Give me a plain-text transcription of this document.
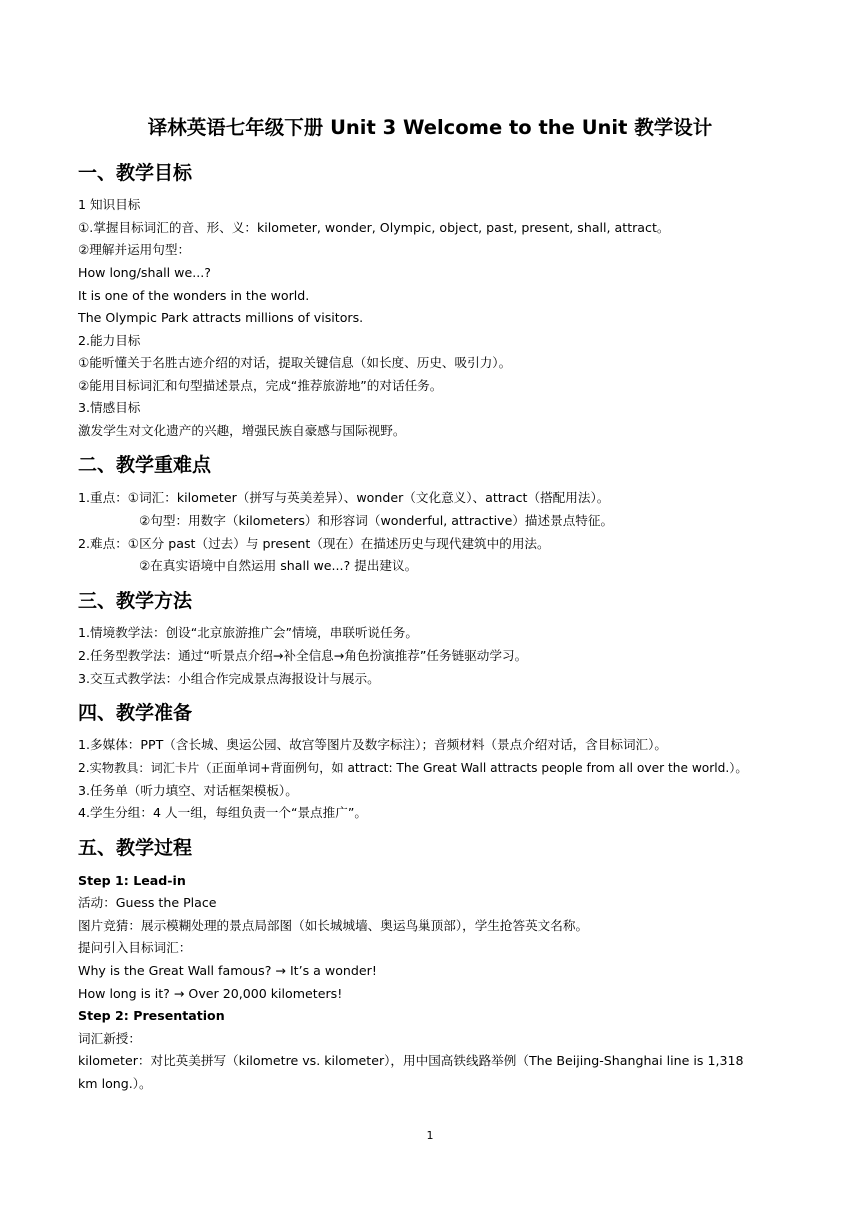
译林英语七年级下册 Unit 3 Welcome to the Unit 教学设计
一、教学目标
1 知识目标
①.掌握目标词汇的音、形、义：kilometer, wonder, Olympic, object, past, present, shall, attract。
②理解并运用句型：
How long/shall we...?
It is one of the wonders in the world.
The Olympic Park attracts millions of visitors.
2.能力目标
①能听懂关于名胜古迹介绍的对话，提取关键信息（如长度、历史、吸引力）。
②能用目标词汇和句型描述景点，完成“推荐旅游地”的对话任务。
3.情感目标
激发学生对文化遗产的兴趣，增强民族自豪感与国际视野。
二、教学重难点
1.重点：①词汇：kilometer（拼写与英美差异）、wonder（文化意义）、attract（搭配用法）。
②句型：用数字（kilometers）和形容词（wonderful, attractive）描述景点特征。
2.难点：①区分 past（过去）与 present（现在）在描述历史与现代建筑中的用法。
②在真实语境中自然运用 shall we...? 提出建议。
三、教学方法
1.情境教学法：创设“北京旅游推广会”情境，串联听说任务。
2.任务型教学法：通过“听景点介绍→补全信息→角色扮演推荐”任务链驱动学习。
3.交互式教学法：小组合作完成景点海报设计与展示。
四、教学准备
1.多媒体：PPT（含长城、奥运公园、故宫等图片及数字标注）；音频材料（景点介绍对话，含目标词汇）。
2.实物教具：词汇卡片（正面单词+背面例句，如 attract: The Great Wall attracts people from all over the world.）。
3.任务单（听力填空、对话框架模板）。
4.学生分组：4 人一组，每组负责一个“景点推广”。
五、教学过程
Step 1: Lead-in
活动：Guess the Place
图片竞猜：展示模糊处理的景点局部图（如长城城墙、奥运鸟巢顶部），学生抢答英文名称。
提问引入目标词汇：
Why is the Great Wall famous? → It’s a wonder!
How long is it? → Over 20,000 kilometers!
Step 2: Presentation
词汇新授：
kilometer：对比英美拼写（kilometre vs. kilometer），用中国高铁线路举例（The Beijing-Shanghai line is 1,318
km long.）。
1
